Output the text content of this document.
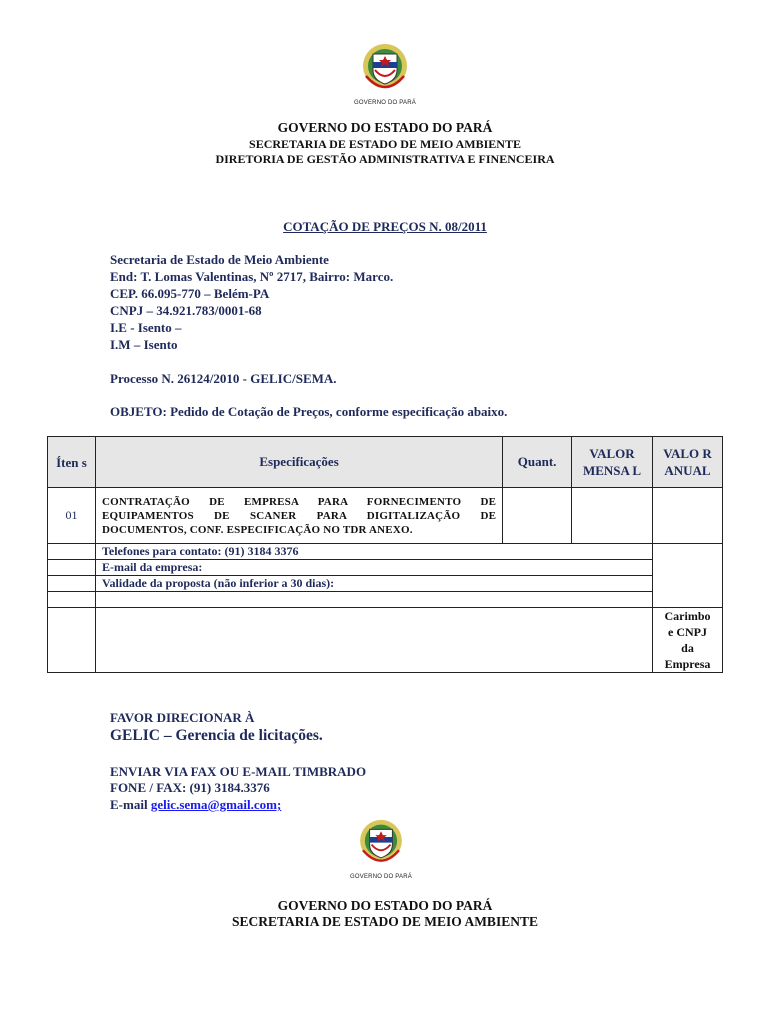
GOVERNO DO PARÁ
GOVERNO DO ESTADO DO PARÁ
SECRETARIA DE ESTADO DE MEIO AMBIENTE
DIRETORIA DE GESTÃO ADMINISTRATIVA E FINENCEIRA
COTAÇÃO DE PREÇOS N. 08/2011
Secretaria de Estado de Meio Ambiente
End: T. Lomas Valentinas, Nº 2717, Bairro: Marco.
CEP. 66.095-770 – Belém-PA
CNPJ – 34.921.783/0001-68
I.E - Isento –
I.M – Isento
Processo N. 26124/2010 - GELIC/SEMA.
OBJETO: Pedido de Cotação de Preços, conforme especificação abaixo.
Íten s	Especificações	Quant.	VALOR MENSA L	VALO R ANUAL
01	CONTRATAÇÃO DE EMPRESA PARA FORNECIMENTO DE
EQUIPAMENTOS DE SCANER PARA DIGITALIZAÇÃO DE
DOCUMENTOS, CONF. ESPECIFICAÇÃO NO TDR ANEXO.			

	Telefones para contato: (91) 3184 3376			
	E-mail da empresa:			
	Validade da proposta (não inferior a 30 dias):			

				Carimbo
e CNPJ
da
Empresa
FAVOR DIRECIONAR À
GELIC – Gerencia de licitações.
ENVIAR VIA FAX OU E-MAIL TIMBRADO
FONE / FAX: (91) 3184.3376
E-mail gelic.sema@gmail.com;
GOVERNO DO PARÁ
GOVERNO DO ESTADO DO PARÁ
SECRETARIA DE ESTADO DE MEIO AMBIENTE
